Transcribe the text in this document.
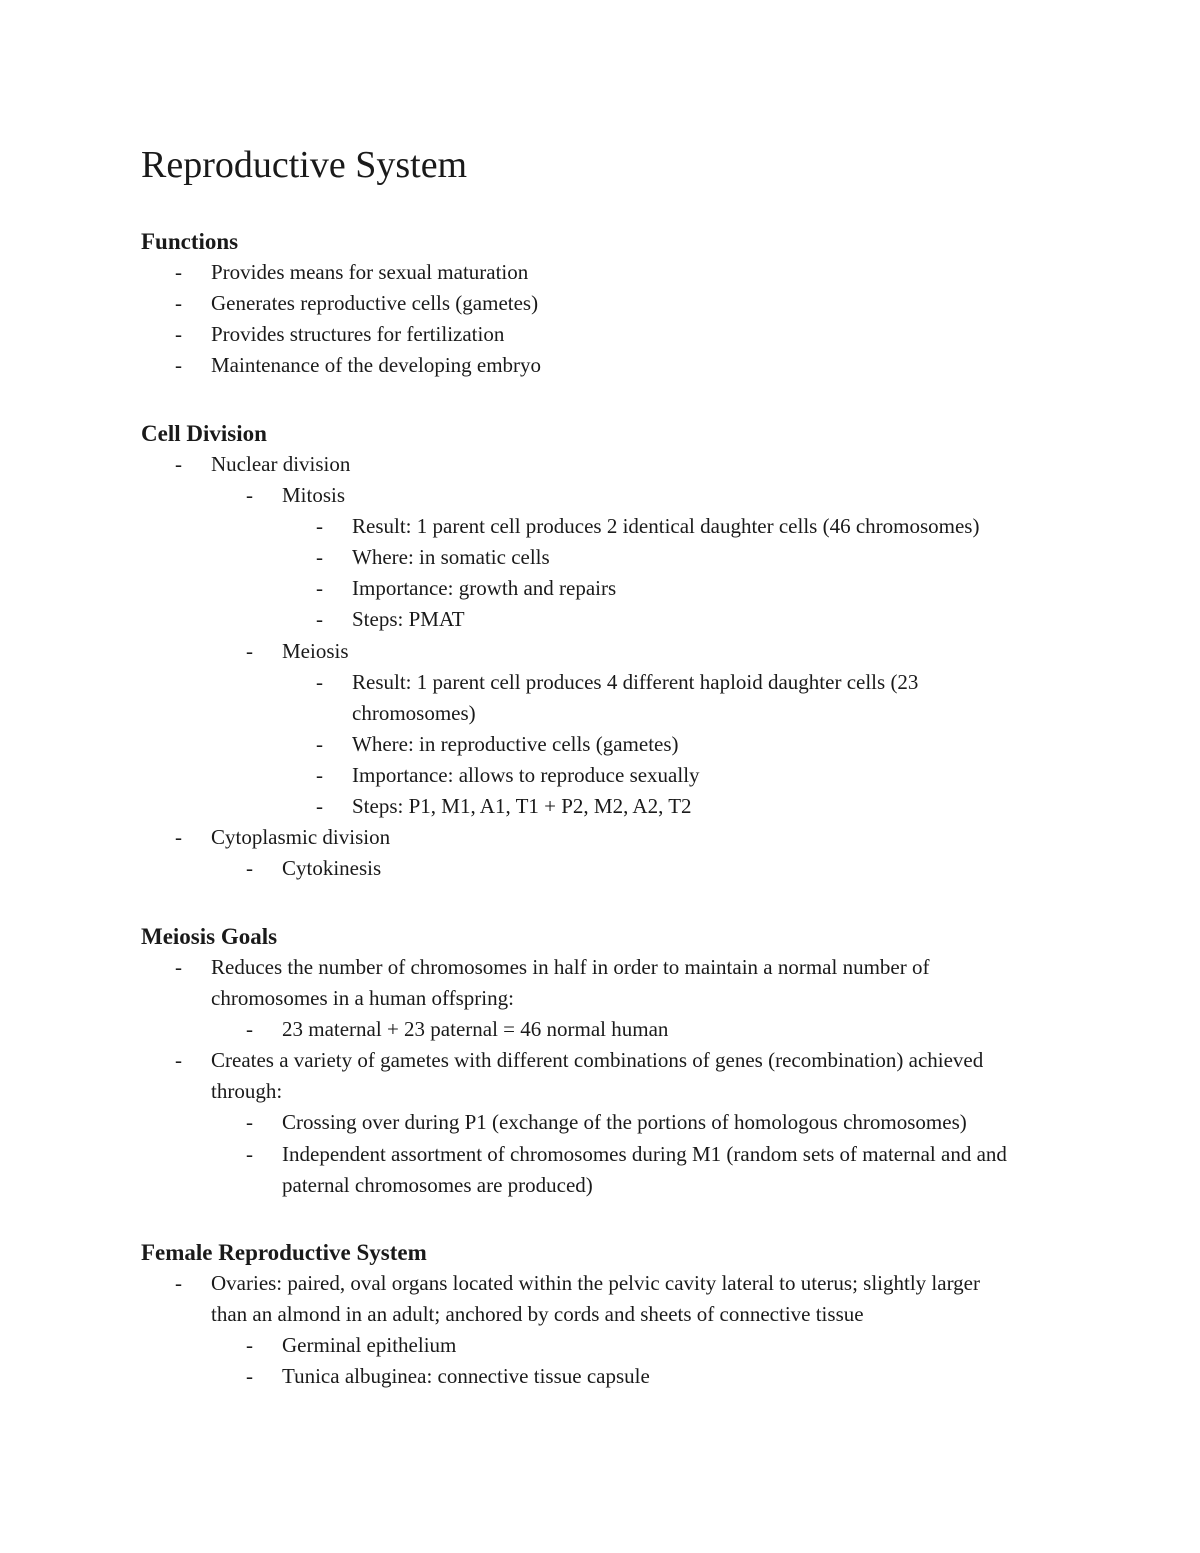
Reproductive System
Functions
- Provides means for sexual maturation
- Generates reproductive cells (gametes)
- Provides structures for fertilization
- Maintenance of the developing embryo
Cell Division
- Nuclear division
- Mitosis
- Result: 1 parent cell produces 2 identical daughter cells (46 chromosomes)
- Where: in somatic cells
- Importance: growth and repairs
- Steps: PMAT
- Meiosis
- Result: 1 parent cell produces 4 different haploid daughter cells (23 chromosomes)
- Where: in reproductive cells (gametes)
- Importance: allows to reproduce sexually
- Steps: P1, M1, A1, T1 + P2, M2, A2, T2
- Cytoplasmic division
- Cytokinesis
Meiosis Goals
- Reduces the number of chromosomes in half in order to maintain a normal number of chromosomes in a human offspring:
- 23 maternal + 23 paternal = 46 normal human
- Creates a variety of gametes with different combinations of genes (recombination) achieved through:
- Crossing over during P1 (exchange of the portions of homologous chromosomes)
- Independent assortment of chromosomes during M1 (random sets of maternal and and paternal chromosomes are produced)
Female Reproductive System
- Ovaries: paired, oval organs located within the pelvic cavity lateral to uterus; slightly larger than an almond in an adult; anchored by cords and sheets of connective tissue
- Germinal epithelium
- Tunica albuginea: connective tissue capsule
